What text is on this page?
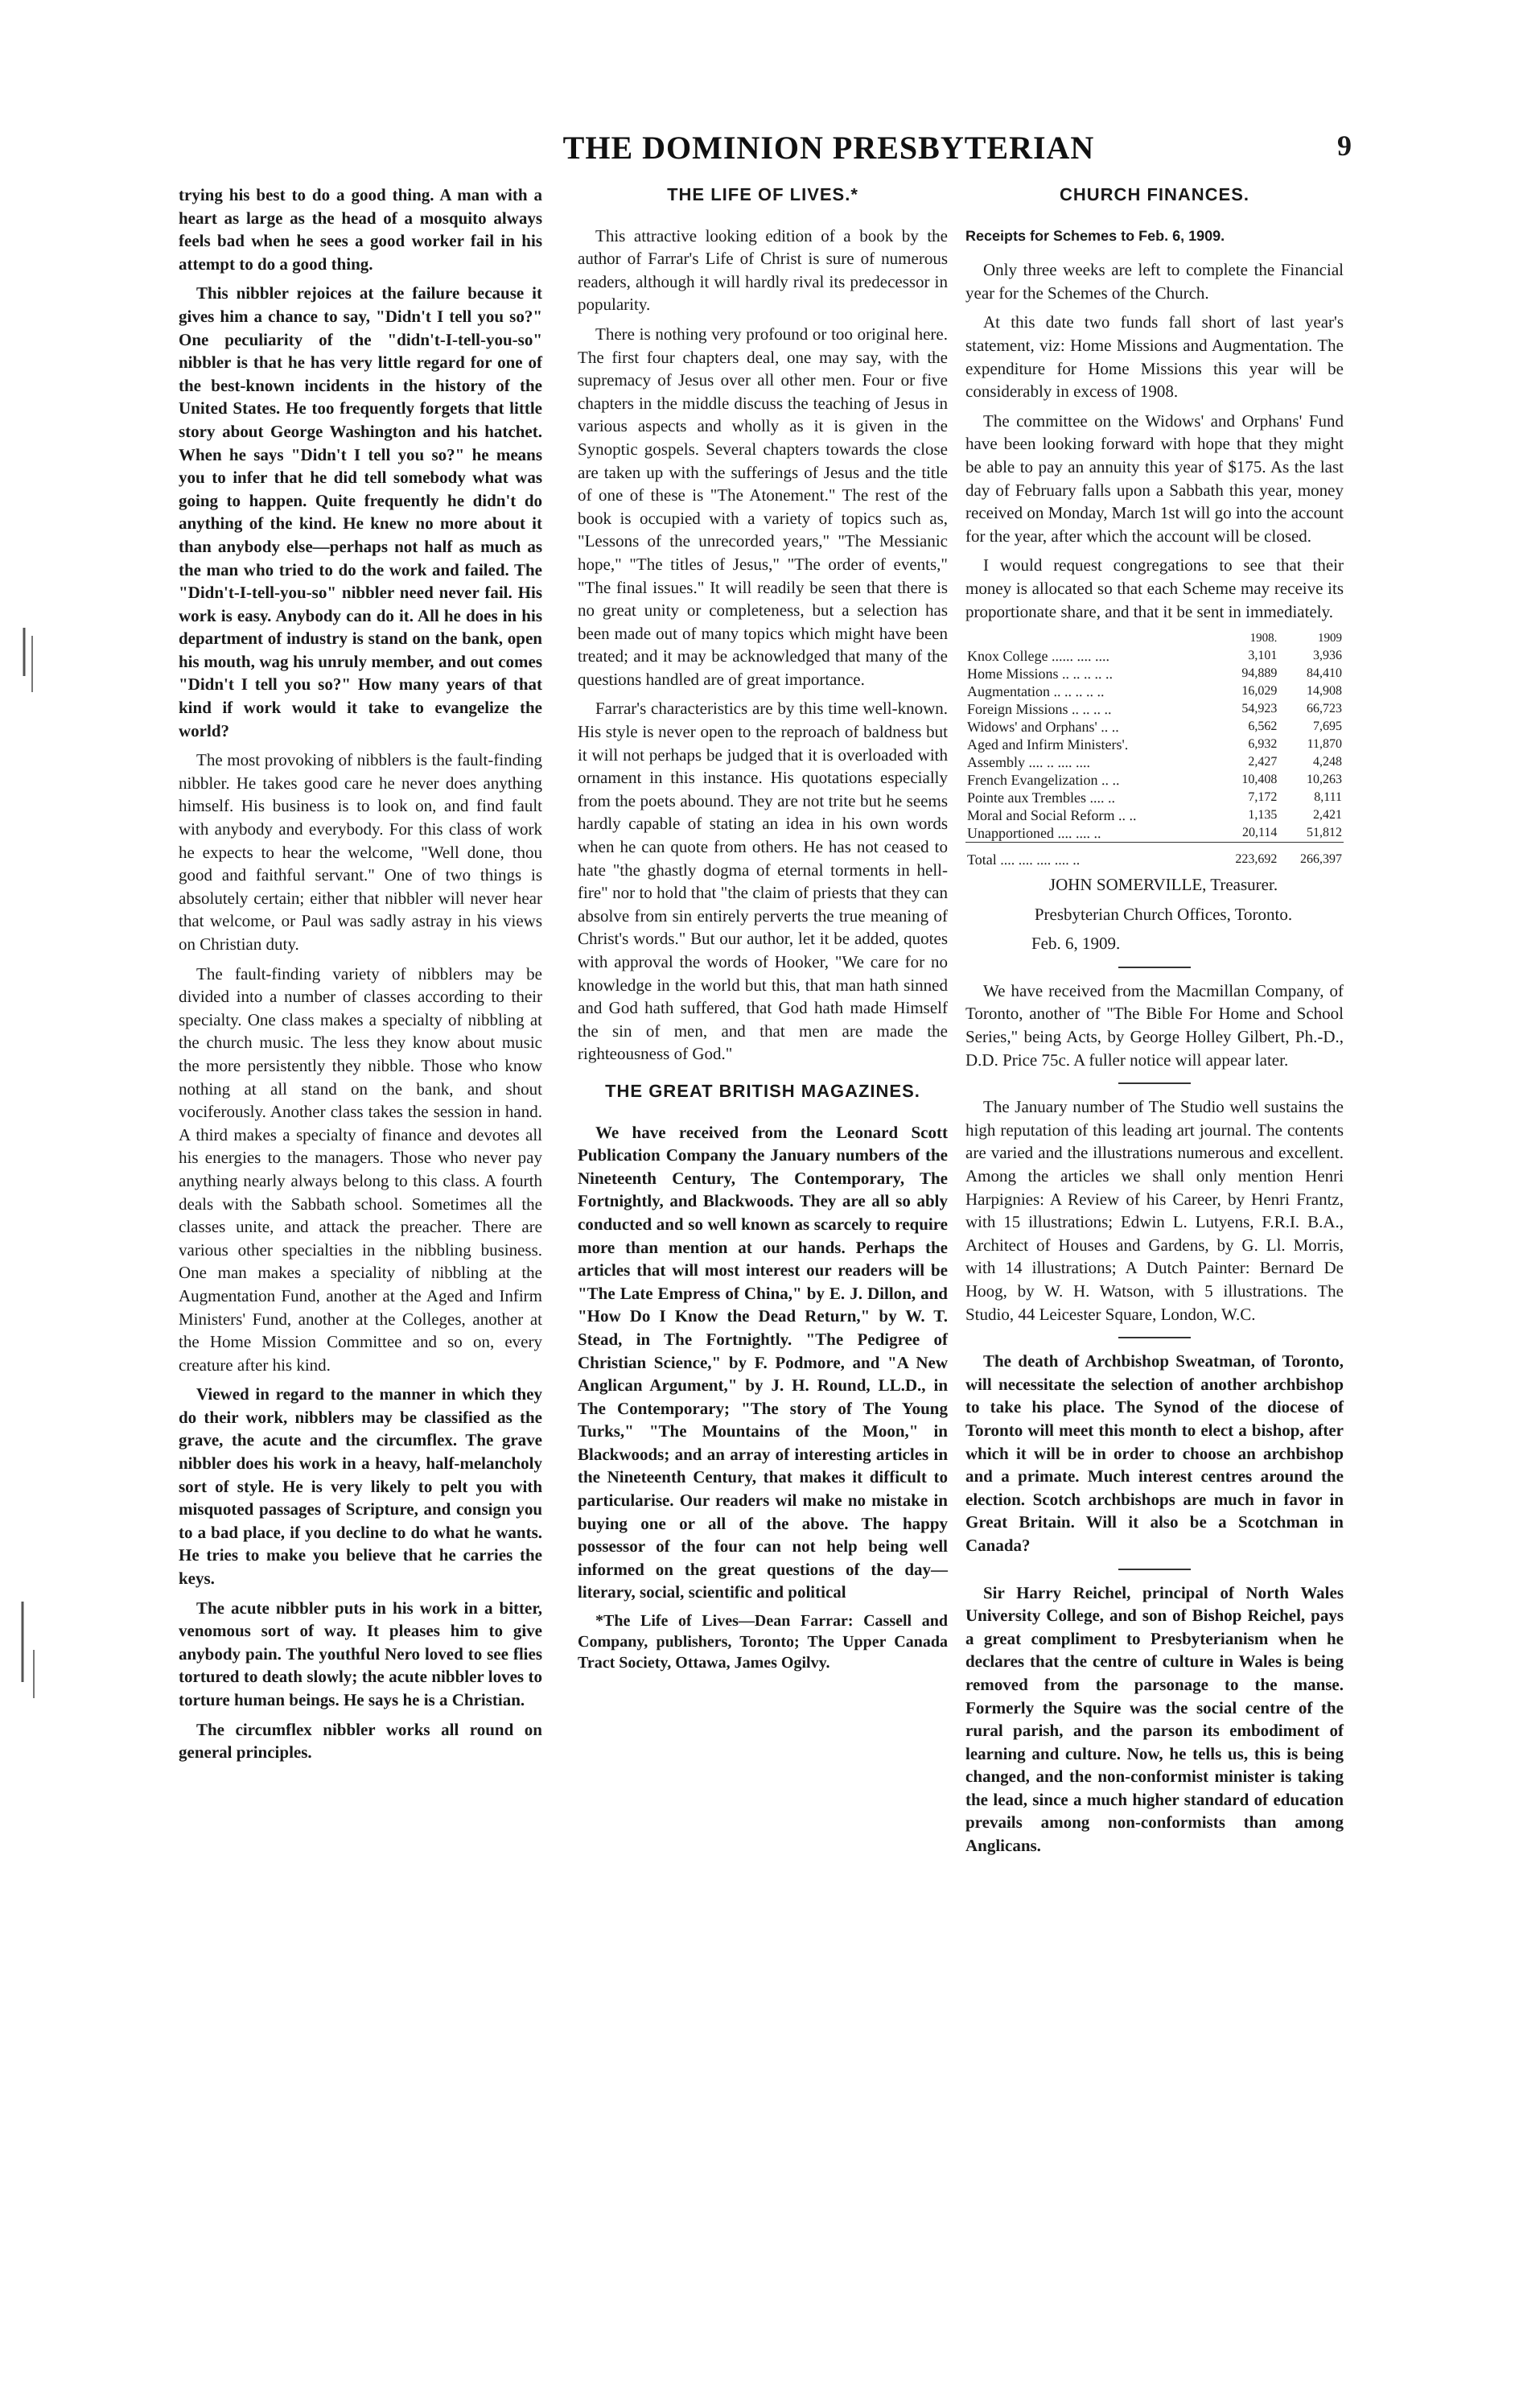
THE DOMINION PRESBYTERIAN	9

trying his best to do a good thing. A man with a heart as large as the head of a mosquito always feels bad when he sees a good worker fail in his attempt to do a good thing.

This nibbler rejoices at the failure because it gives him a chance to say, "Didn't I tell you so?" One peculiarity of the "didn't-I-tell-you-so" nibbler is that he has very little regard for one of the best-known incidents in the history of the United States. He too frequently forgets that little story about George Washington and his hatchet. When he says "Didn't I tell you so?" he means you to infer that he did tell somebody what was going to happen. Quite frequently he didn't do anything of the kind. He knew no more about it than anybody else—perhaps not half as much as the man who tried to do the work and failed. The "Didn't-I-tell-you-so" nibbler need never fail. His work is easy. Anybody can do it. All he does in his department of industry is stand on the bank, open his mouth, wag his unruly member, and out comes "Didn't I tell you so?" How many years of that kind if work would it take to evangelize the world?

The most provoking of nibblers is the fault-finding nibbler. He takes good care he never does anything himself. His business is to look on, and find fault with anybody and everybody. For this class of work he expects to hear the welcome, "Well done, thou good and faithful servant." One of two things is absolutely certain; either that nibbler will never hear that welcome, or Paul was sadly astray in his views on Christian duty.

The fault-finding variety of nibblers may be divided into a number of classes according to their specialty. One class makes a specialty of nibbling at the church music. The less they know about music the more persistently they nibble. Those who know nothing at all stand on the bank, and shout vociferously. Another class takes the session in hand. A third makes a specialty of finance and devotes all his energies to the managers. Those who never pay anything nearly always belong to this class. A fourth deals with the Sabbath school. Sometimes all the classes unite, and attack the preacher. There are various other specialties in the nibbling business. One man makes a speciality of nibbling at the Augmentation Fund, another at the Aged and Infirm Ministers' Fund, another at the Colleges, another at the Home Mission Committee and so on, every creature after his kind.

Viewed in regard to the manner in which they do their work, nibblers may be classified as the grave, the acute and the circumflex. The grave nibbler does his work in a heavy, half-melancholy sort of style. He is very likely to pelt you with misquoted passages of Scripture, and consign you to a bad place, if you decline to do what he wants. He tries to make you believe that he carries the keys.

The acute nibbler puts in his work in a bitter, venomous sort of way. It pleases him to give anybody pain. The youthful Nero loved to see flies tortured to death slowly; the acute nibbler loves to torture human beings. He says he is a Christian.

The circumflex nibbler works all round on general principles.

THE LIFE OF LIVES.*

This attractive looking edition of a book by the author of Farrar's Life of Christ is sure of numerous readers, although it will hardly rival its predecessor in popularity.

There is nothing very profound or too original here. The first four chapters deal, one may say, with the supremacy of Jesus over all other men. Four or five chapters in the middle discuss the teaching of Jesus in various aspects and wholly as it is given in the Synoptic gospels. Several chapters towards the close are taken up with the sufferings of Jesus and the title of one of these is "The Atonement." The rest of the book is occupied with a variety of topics such as, "Lessons of the unrecorded years," "The Messianic hope," "The titles of Jesus," "The order of events," "The final issues." It will readily be seen that there is no great unity or completeness, but a selection has been made out of many topics which might have been treated; and it may be acknowledged that many of the questions handled are of great importance.

Farrar's characteristics are by this time well-known. His style is never open to the reproach of baldness but it will not perhaps be judged that it is overloaded with ornament in this instance. His quotations especially from the poets abound. They are not trite but he seems hardly capable of stating an idea in his own words when he can quote from others. He has not ceased to hate "the ghastly dogma of eternal torments in hell-fire" nor to hold that "the claim of priests that they can absolve from sin entirely perverts the true meaning of Christ's words." But our author, let it be added, quotes with approval the words of Hooker, "We care for no knowledge in the world but this, that man hath sinned and God hath suffered, that God hath made Himself the sin of men, and that men are made the righteousness of God."

THE GREAT BRITISH MAGAZINES.

We have received from the Leonard Scott Publication Company the January numbers of the Nineteenth Century, The Contemporary, The Fortnightly, and Blackwoods. They are all so ably conducted and so well known as scarcely to require more than mention at our hands. Perhaps the articles that will most interest our readers will be "The Late Empress of China," by E. J. Dillon, and "How Do I Know the Dead Return," by W. T. Stead, in The Fortnightly. "The Pedigree of Christian Science," by F. Podmore, and "A New Anglican Argument," by J. H. Round, LL.D., in The Contemporary; "The story of The Young Turks," "The Mountains of the Moon," in Blackwoods; and an array of interesting articles in the Nineteenth Century, that makes it difficult to particularise. Our readers wil make no mistake in buying one or all of the above. The happy possessor of the four can not help being well informed on the great questions of the day—literary, social, scientific and political

*The Life of Lives—Dean Farrar: Cassell and Company, publishers, Toronto; The Upper Canada Tract Society, Ottawa, James Ogilvy.

CHURCH FINANCES.
Receipts for Schemes to Feb. 6, 1909.

Only three weeks are left to complete the Financial year for the Schemes of the Church.

At this date two funds fall short of last year's statement, viz: Home Missions and Augmentation. The expenditure for Home Missions this year will be considerably in excess of 1908.

The committee on the Widows' and Orphans' Fund have been looking forward with hope that they might be able to pay an annuity this year of $175. As the last day of February falls upon a Sabbath this year, money received on Monday, March 1st will go into the account for the year, after which the account will be closed.

I would request congregations to see that their money is allocated so that each Scheme may receive its proportionate share, and that it be sent in immediately.

	1908.	1909
Knox College ...... .... ....	3,101	3,936
Home Missions .. .. .. .. ..	94,889	84,410
Augmentation .. .. .. .. ..	16,029	14,908
Foreign Missions .. .. .. ..	54,923	66,723
Widows' and Orphans' .. ..	6,562	7,695
Aged and Infirm Ministers'.	6,932	11,870
Assembly .... .. .... ....	2,427	4,248
French Evangelization .. ..	10,408	10,263
Pointe aux Trembles .... ..	7,172	8,111
Moral and Social Reform .. ..	1,135	2,421
Unapportioned .... .... ..	20,114	51,812
Total .... .... .... .... ..	223,692	266,397

JOHN SOMERVILLE, Treasurer.

Presbyterian Church Offices, Toronto.

Feb. 6, 1909.

We have received from the Macmillan Company, of Toronto, another of "The Bible For Home and School Series," being Acts, by George Holley Gilbert, Ph.-D., D.D. Price 75c. A fuller notice will appear later.

The January number of The Studio well sustains the high reputation of this leading art journal. The contents are varied and the illustrations numerous and excellent. Among the articles we shall only mention Henri Harpignies: A Review of his Career, by Henri Frantz, with 15 illustrations; Edwin L. Lutyens, F.R.I. B.A., Architect of Houses and Gardens, by G. Ll. Morris, with 14 illustrations; A Dutch Painter: Bernard De Hoog, by W. H. Watson, with 5 illustrations. The Studio, 44 Leicester Square, London, W.C.

The death of Archbishop Sweatman, of Toronto, will necessitate the selection of another archbishop to take his place. The Synod of the diocese of Toronto will meet this month to elect a bishop, after which it will be in order to choose an archbishop and a primate. Much interest centres around the election. Scotch archbishops are much in favor in Great Britain. Will it also be a Scotchman in Canada?

Sir Harry Reichel, principal of North Wales University College, and son of Bishop Reichel, pays a great compliment to Presbyterianism when he declares that the centre of culture in Wales is being removed from the parsonage to the manse. Formerly the Squire was the social centre of the rural parish, and the parson its embodiment of learning and culture. Now, he tells us, this is being changed, and the non-conformist minister is taking the lead, since a much higher standard of education prevails among non-conformists than among Anglicans.
